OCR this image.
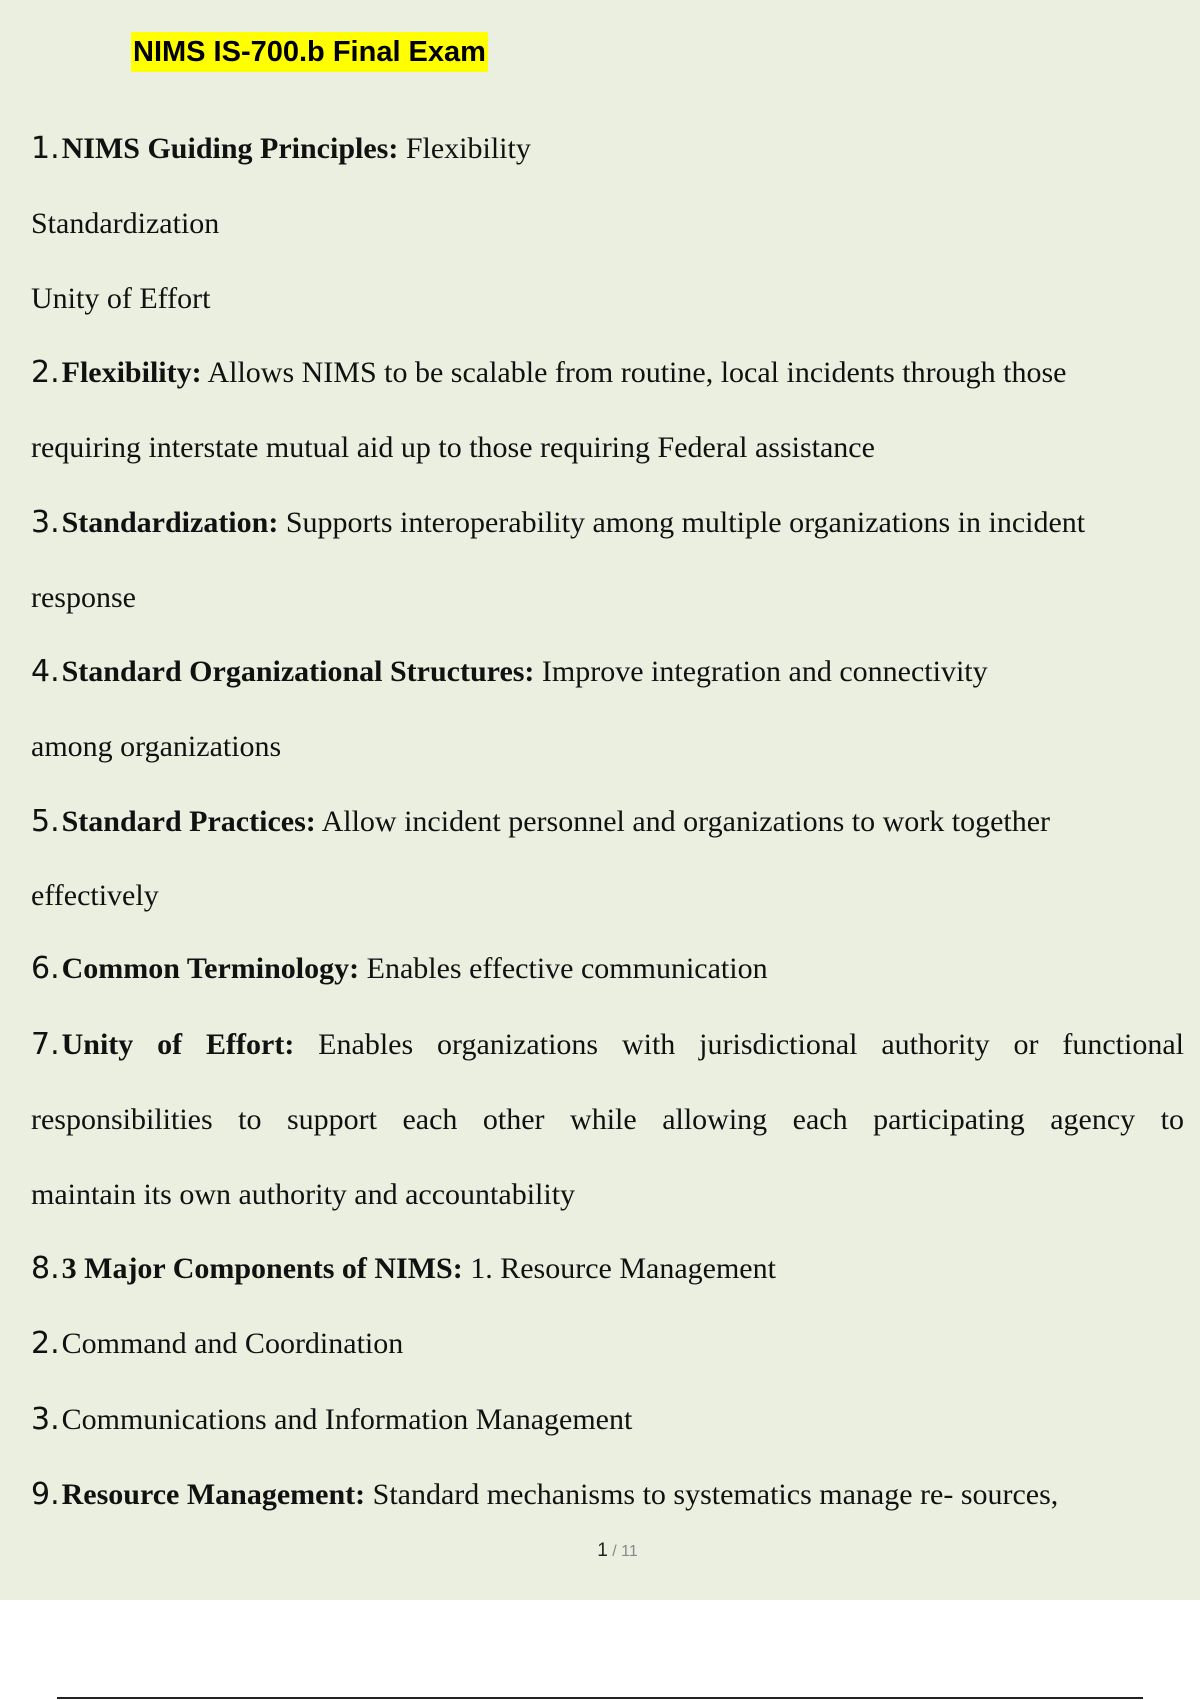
NIMS IS-700.b Final Exam
1.NIMS Guiding Principles: Flexibility
Standardization
Unity of Effort
2.Flexibility: Allows NIMS to be scalable from routine, local incidents through those
requiring interstate mutual aid up to those requiring Federal assistance
3.Standardization: Supports interoperability among multiple organizations in incident
response
4.Standard Organizational Structures: Improve integration and connectivity
among organizations
5.Standard Practices: Allow incident personnel and organizations to work together
effectively
6.Common Terminology: Enables effective communication
7.Unity of Effort: Enables organizations with jurisdictional authority or functional
responsibilities to support each other while allowing each participating agency to
maintain its own authority and accountability
8.3 Major Components of NIMS: 1. Resource Management
2.Command and Coordination
3.Communications and Information Management
9.Resource Management: Standard mechanisms to systematics manage re- sources,
1 / 11
